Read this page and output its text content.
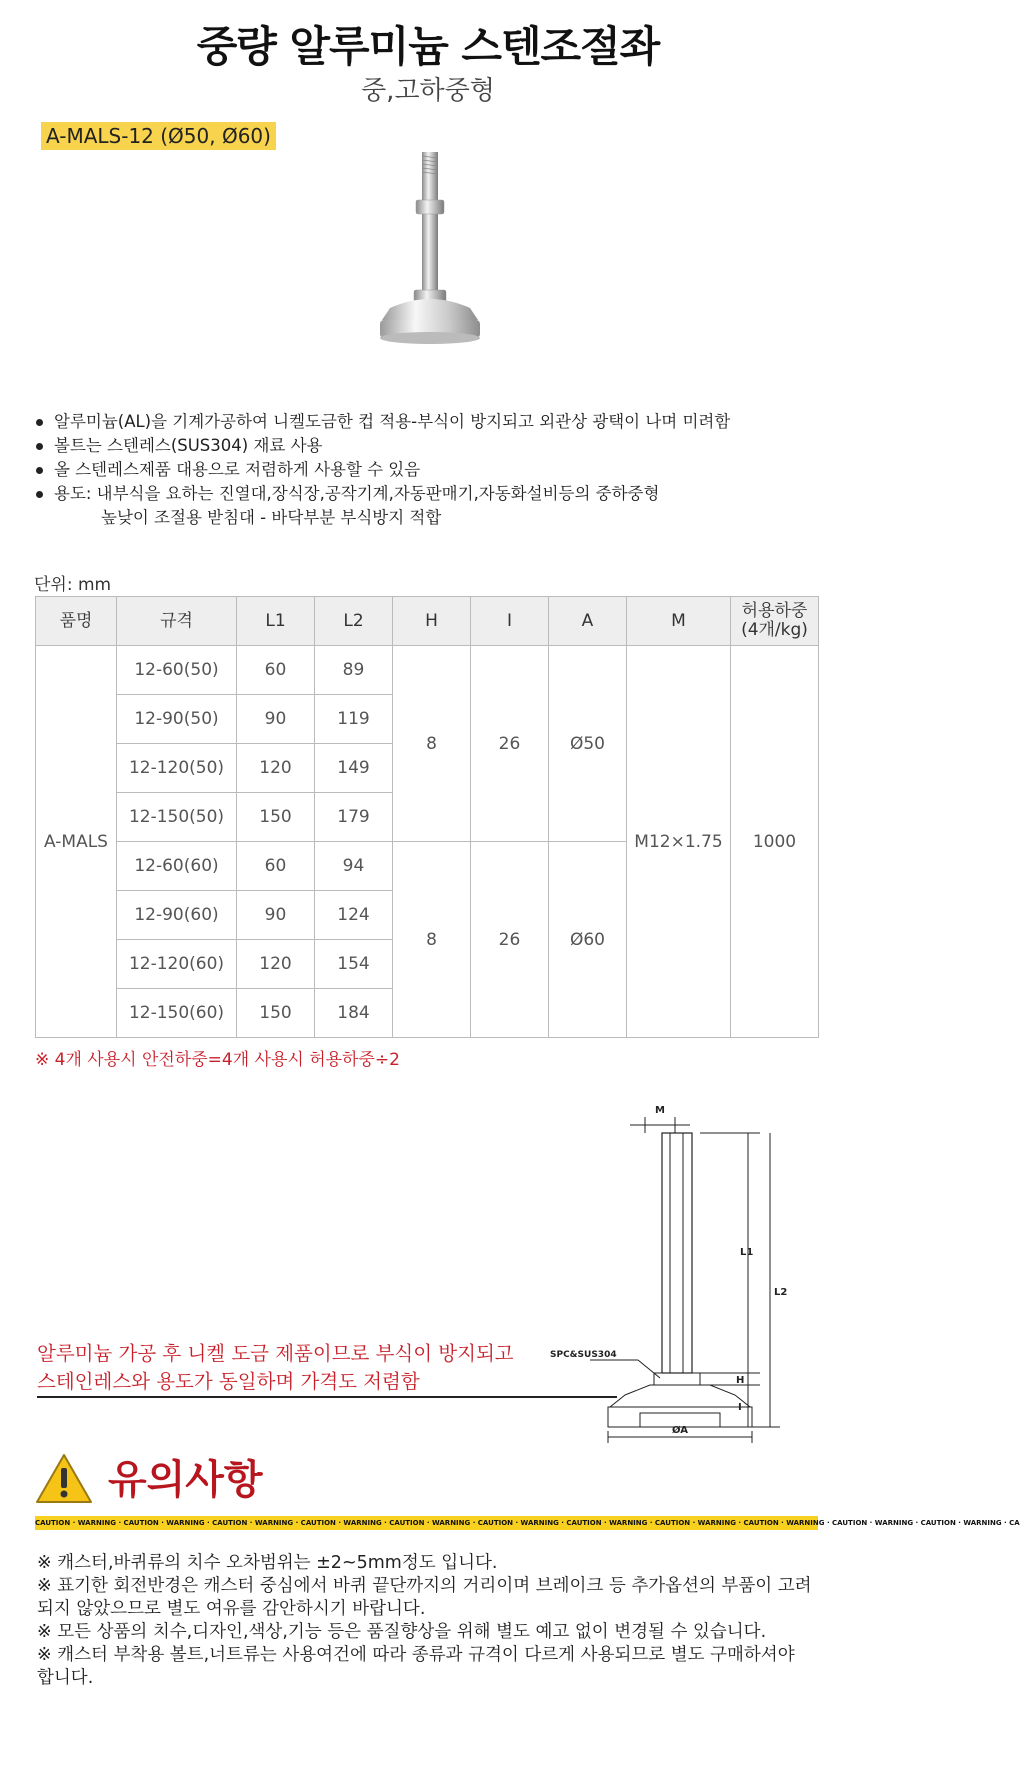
중량 알루미늄 스텐조절좌
중,고하중형
A-MALS-12 (Ø50, Ø60)
알루미늄(AL)을 기계가공하여 니켈도금한 컵 적용-부식이 방지되고 외관상 광택이 나며 미려함
볼트는 스텐레스(SUS304) 재료 사용
올 스텐레스제품 대용으로 저렴하게 사용할 수 있음
용도: 내부식을 요하는 진열대,장식장,공작기계,자동판매기,자동화설비등의 중하중형
높낮이 조절용 받침대 - 바닥부분 부식방지 적합
단위: mm
품명	규격	L1	L2	H	I	A	M	허용하중
(4개/kg)
A-MALS	12-60(50)	60	89	8	26	Ø50	M12×1.75	1000
	12-90(50)	90	119					
	12-120(50)	120	149					
	12-150(50)	150	179					
	12-60(60)	60	94	8	26	Ø60		
	12-90(60)	90	124					
	12-120(60)	120	154					
	12-150(60)	150	184					
※ 4개 사용시 안전하중=4개 사용시 허용하중÷2
M
L1
L2
H
I
ØA
SPC&SUS304
알루미늄 가공 후 니켈 도금 제품이므로 부식이 방지되고
스테인레스와 용도가 동일하며 가격도 저렴함
유의사항
CAUTION · WARNING · CAUTION · WARNING · CAUTION · WARNING · CAUTION · WARNING · CAUTION · WARNING · CAUTION · WARNING · CAUTION · WARNING · CAUTION · WARNING · CAUTION · WARNING · CAUTION · WARNING · CAUTION · WARNING · CA

※ 캐스터,바퀴류의 치수 오차범위는 ±2~5mm정도 입니다.

※ 표기한 회전반경은 캐스터 중심에서 바퀴 끝단까지의 거리이며 브레이크 등 추가옵션의 부품이 고려되지 않았으므로 별도 여유를 감안하시기 바랍니다.

※ 모든 상품의 치수,디자인,색상,기능 등은 품질향상을 위해 별도 예고 없이 변경될 수 있습니다.

※ 캐스터 부착용 볼트,너트류는 사용여건에 따라 종류과 규격이 다르게 사용되므로 별도 구매하셔야 합니다.
